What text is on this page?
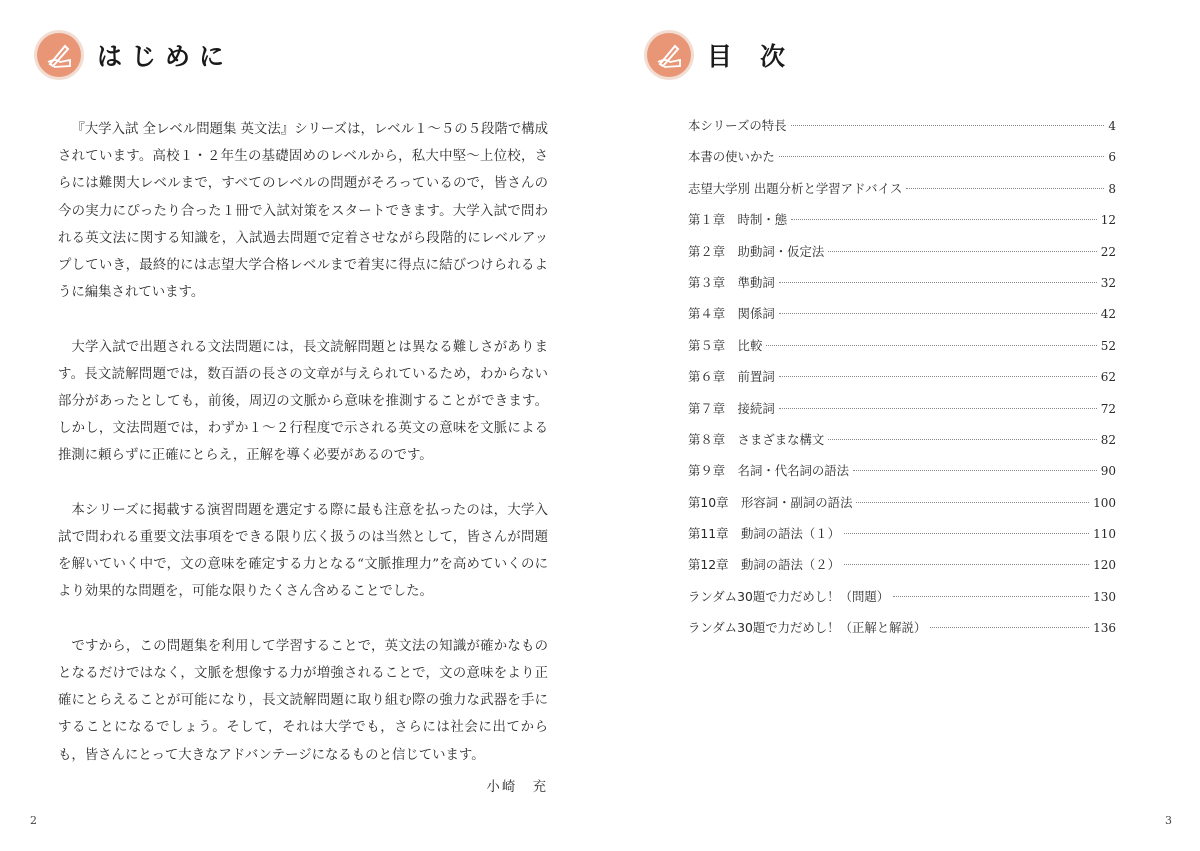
はじめに

『大学入試 全レベル問題集 英文法』シリーズは，レベル１～５の５段階で構成されています。高校１・２年生の基礎固めのレベルから，私大中堅～上位校，さらには難関大レベルまで，すべてのレベルの問題がそろっているので，皆さんの今の実力にぴったり合った１冊で入試対策をスタートできます。大学入試で問われる英文法に関する知識を，入試過去問題で定着させながら段階的にレベルアップしていき，最終的には志望大学合格レベルまで着実に得点に結びつけられるように編集されています。

大学入試で出題される文法問題には，長文読解問題とは異なる難しさがあります。長文読解問題では，数百語の長さの文章が与えられているため，わからない部分があったとしても，前後，周辺の文脈から意味を推測することができます。しかし，文法問題では，わずか１～２行程度で示される英文の意味を文脈による推測に頼らずに正確にとらえ，正解を導く必要があるのです。

本シリーズに掲載する演習問題を選定する際に最も注意を払ったのは，大学入試で問われる重要文法事項をできる限り広く扱うのは当然として，皆さんが問題を解いていく中で，文の意味を確定する力となる“文脈推理力”を高めていくのにより効果的な問題を，可能な限りたくさん含めることでした。

ですから，この問題集を利用して学習することで，英文法の知識が確かなものとなるだけではなく，文脈を想像する力が増強されることで，文の意味をより正確にとらえることが可能になり，長文読解問題に取り組む際の強力な武器を手にすることになるでしょう。そして，それは大学でも，さらには社会に出てからも，皆さんにとって大きなアドバンテージになるものと信じています。

小崎　充
2
目次
本シリーズの特長	4
本書の使いかた	6
志望大学別 出題分析と学習アドバイス	8
第１章　時制・態	12
第２章　助動詞・仮定法	22
第３章　準動詞	32
第４章　関係詞	42
第５章　比較	52
第６章　前置詞	62
第７章　接続詞	72
第８章　さまざまな構文	82
第９章　名詞・代名詞の語法	90
第10章　形容詞・副詞の語法	100
第11章　動詞の語法（１）	110
第12章　動詞の語法（２）	120
ランダム30題で力だめし！（問題）	130
ランダム30題で力だめし！（正解と解説）	136
3
